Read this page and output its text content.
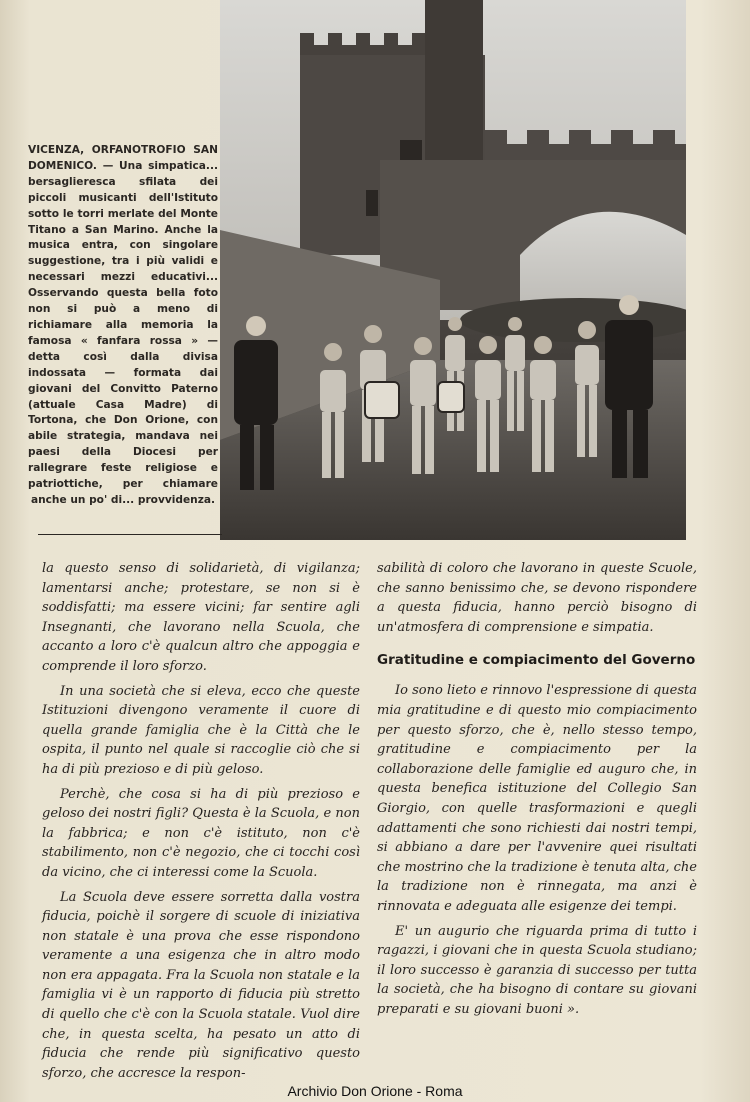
VICENZA, ORFANOTROFIO SAN DOMENICO. — Una simpatica... bersaglieresca sfilata dei piccoli musicanti dell'Istituto sotto le torri merlate del Monte Titano a San Marino. Anche la musica entra, con singolare suggestione, tra i più validi e necessari mezzi educativi... Osservando questa bella foto non si può a meno di richiamare alla memoria la famosa « fanfara rossa » — detta così dalla divisa indossata — formata dai giovani del Convitto Paterno (attuale Casa Madre) di Tortona, che Don Orione, con abile strategia, mandava nei paesi della Diocesi per rallegrare feste religiose e patriottiche, per chiamare anche un po' di... provvidenza.

la questo senso di solidarietà, di vigilanza; lamentarsi anche; protestare, se non si è soddisfatti; ma essere vicini; far sentire agli Insegnanti, che lavorano nella Scuola, che accanto a loro c'è qualcun altro che appoggia e comprende il loro sforzo.

In una società che si eleva, ecco che queste Istituzioni divengono veramente il cuore di quella grande famiglia che è la Città che le ospita, il punto nel quale si raccoglie ciò che si ha di più prezioso e di più geloso.

Perchè, che cosa si ha di più prezioso e geloso dei nostri figli? Questa è la Scuola, e non la fabbrica; e non c'è istituto, non c'è stabilimento, non c'è negozio, che ci tocchi così da vicino, che ci interessi come la Scuola.

La Scuola deve essere sorretta dalla vostra fiducia, poichè il sorgere di scuole di iniziativa non statale è una prova che esse rispondono veramente a una esigenza che in altro modo non era appagata. Fra la Scuola non statale e la famiglia vi è un rapporto di fiducia più stretto di quello che c'è con la Scuola statale. Vuol dire che, in questa scelta, ha pesato un atto di fiducia che rende più significativo questo sforzo, che accresce la respon-

sabilità di coloro che lavorano in queste Scuole, che sanno benissimo che, se devono rispondere a questa fiducia, hanno perciò bisogno di un'atmosfera di comprensione e simpatia.

Gratitudine e compiacimento del Governo

Io sono lieto e rinnovo l'espressione di questa mia gratitudine e di questo mio compiacimento per questo sforzo, che è, nello stesso tempo, gratitudine e compiacimento per la collaborazione delle famiglie ed auguro che, in questa benefica istituzione del Collegio San Giorgio, con quelle trasformazioni e quegli adattamenti che sono richiesti dai nostri tempi, si abbiano a dare per l'avvenire quei risultati che mostrino che la tradizione è tenuta alta, che la tradizione non è rinnegata, ma anzi è rinnovata e adeguata alle esigenze dei tempi.

E' un augurio che riguarda prima di tutto i ragazzi, i giovani che in questa Scuola studiano; il loro successo è garanzia di successo per tutta la società, che ha bisogno di contare su giovani preparati e su giovani buoni ».

Archivio Don Orione - Roma
